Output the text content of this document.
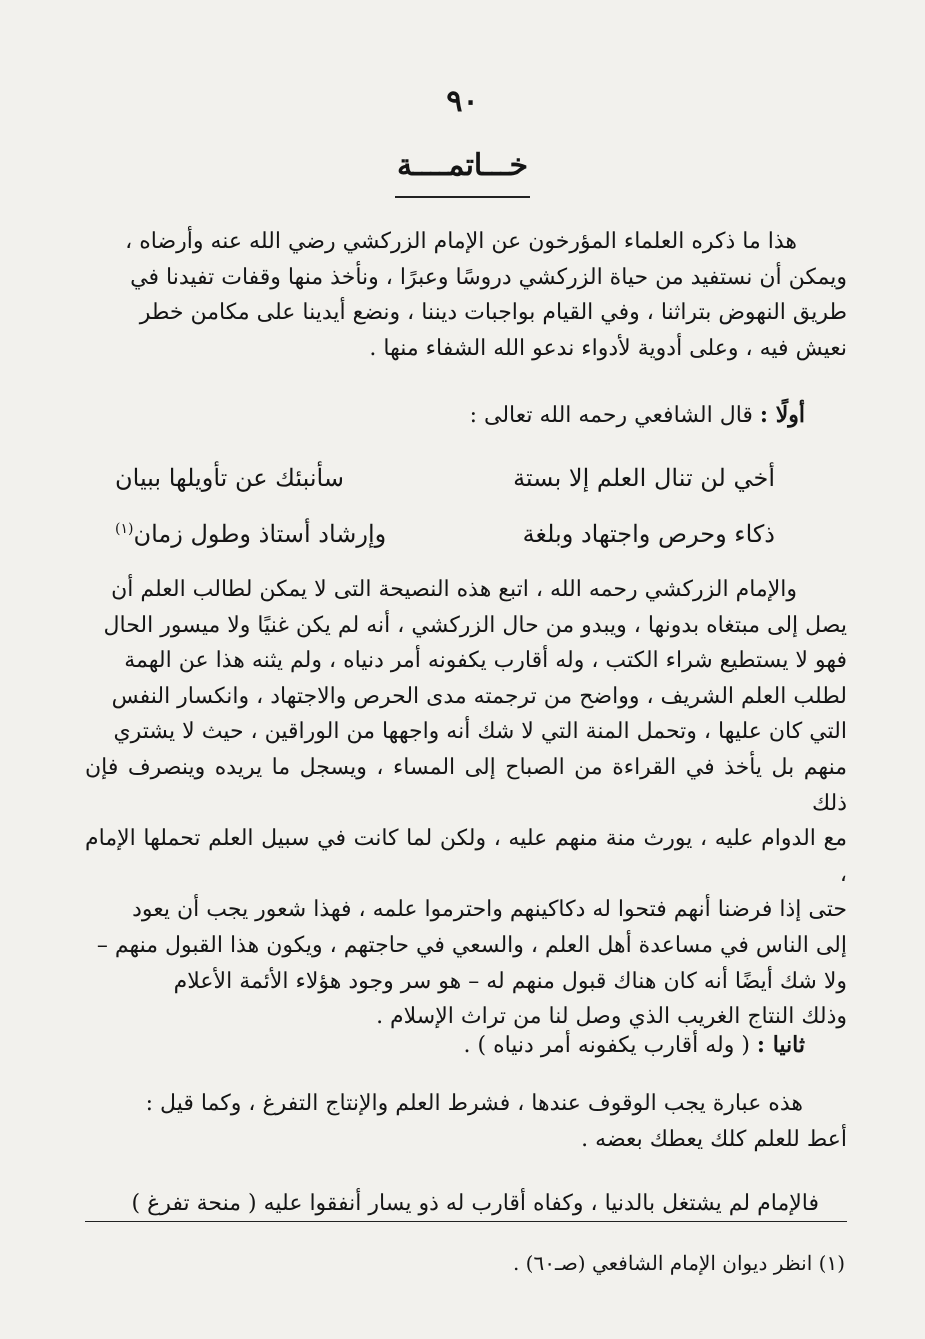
٩٠
خـــاتمــــة
هذا ما ذكره العلماء المؤرخون عن الإمام الزركشي رضي الله عنه وأرضاه ،
ويمكن أن نستفيد من حياة الزركشي دروسًا وعبرًا ، ونأخذ منها وقفات تفيدنا في
طريق النهوض بتراثنا ، وفي القيام بواجبات ديننا ، ونضع أيدينا على مكامن خطر
نعيش فيه ، وعلى أدوية لأدواء ندعو الله الشفاء منها .
أولًا : قال الشافعي رحمه الله تعالى :
أخي لن تنال العلم إلا بستة
سأنبئك عن تأويلها ببيان
ذكاء وحرص واجتهاد وبلغة
وإرشاد أستاذ وطول زمان$^{(١)}$
والإمام الزركشي رحمه الله ، اتبع هذه النصيحة التى لا يمكن لطالب العلم أن
يصل إلى مبتغاه بدونها ، ويبدو من حال الزركشي ، أنه لم يكن غنيًا ولا ميسور الحال
فهو لا يستطيع شراء الكتب ، وله أقارب يكفونه أمر دنياه ، ولم يثنه هذا عن الهمة
لطلب العلم الشريف ، وواضح من ترجمته مدى الحرص والاجتهاد ، وانكسار النفس
التي كان عليها ، وتحمل المنة التي لا شك أنه واجهها من الوراقين ، حيث لا يشتري
منهم بل يأخذ في القراءة من الصباح إلى المساء ، ويسجل ما يريده وينصرف فإن ذلك
مع الدوام عليه ، يورث منة منهم عليه ، ولكن لما كانت في سبيل العلم تحملها الإمام ،
حتى إذا فرضنا أنهم فتحوا له دكاكينهم واحترموا علمه ، فهذا شعور يجب أن يعود
إلى الناس في مساعدة أهل العلم ، والسعي في حاجتهم ، ويكون هذا القبول منهم –
ولا شك أيضًا أنه كان هناك قبول منهم له – هو سر وجود هؤلاء الأئمة الأعلام
وذلك النتاج الغريب الذي وصل لنا من تراث الإسلام .
ثانيا : ( وله أقارب يكفونه أمر دنياه ) .
هذه عبارة يجب الوقوف عندها ، فشرط العلم والإنتاج التفرغ ، وكما قيل :
أعط للعلم كلك يعطك بعضه .
فالإمام لم يشتغل بالدنيا ، وكفاه أقارب له ذو يسار أنفقوا عليه ( منحة تفرغ )
(١) انظر ديوان الإمام الشافعي (صـ٦٠) .
